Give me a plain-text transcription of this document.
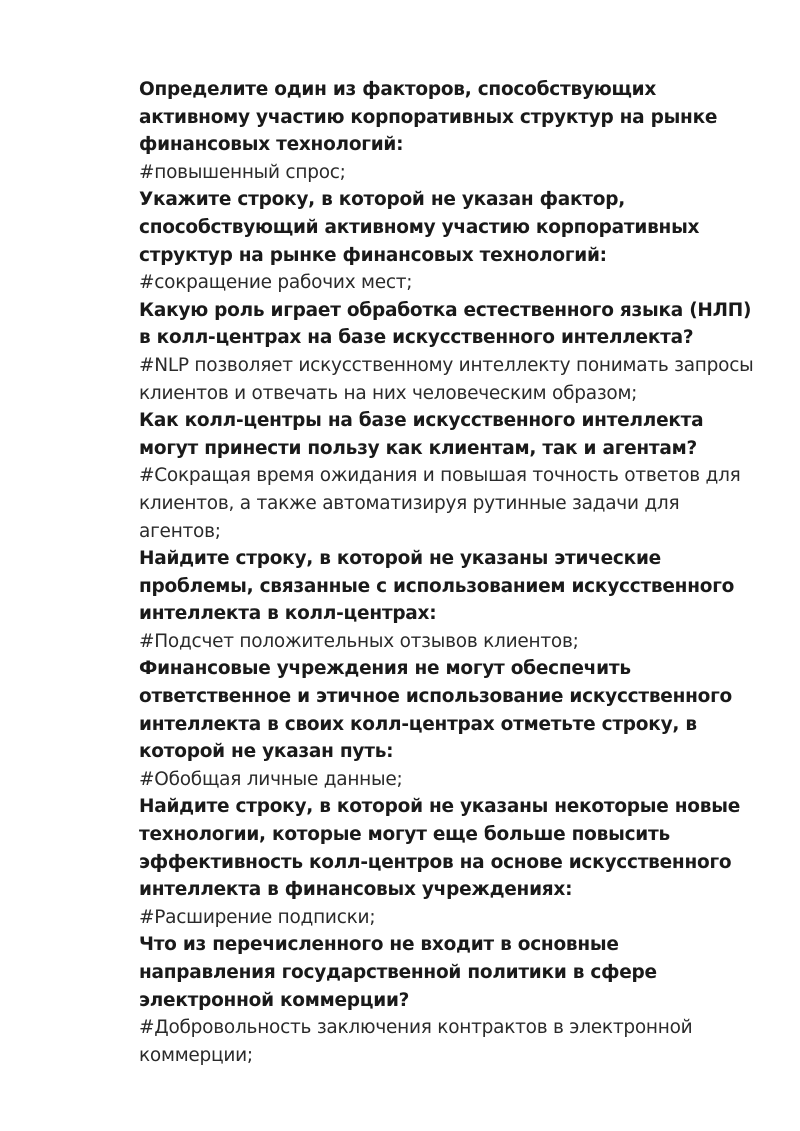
Определите один из факторов, способствующих активному участию корпоративных структур на рынке финансовых технологий:

#повышенный спрос;

Укажите строку, в которой не указан фактор, способствующий активному участию корпоративных структур на рынке финансовых технологий:

#сокращение рабочих мест;

Какую роль играет обработка естественного языка (НЛП) в колл-центрах на базе искусственного интеллекта?

#NLP позволяет искусственному интеллекту понимать запросы клиентов и отвечать на них человеческим образом;

Как колл-центры на базе искусственного интеллекта могут принести пользу как клиентам, так и агентам?

#Сокращая время ожидания и повышая точность ответов для клиентов, а также автоматизируя рутинные задачи для агентов;

Найдите строку, в которой не указаны этические проблемы, связанные с использованием искусственного интеллекта в колл-центрах:

#Подсчет положительных отзывов клиентов;

Финансовые учреждения не могут обеспечить ответственное и этичное использование искусственного интеллекта в своих колл-центрах отметьте строку, в которой не указан путь:

#Обобщая личные данные;

Найдите строку, в которой не указаны некоторые новые технологии, которые могут еще больше повысить эффективность колл-центров на основе искусственного интеллекта в финансовых учреждениях:

#Расширение подписки;

Что из перечисленного не входит в основные направления государственной политики в сфере электронной коммерции?

#Добровольность заключения контрактов в электронной коммерции;
